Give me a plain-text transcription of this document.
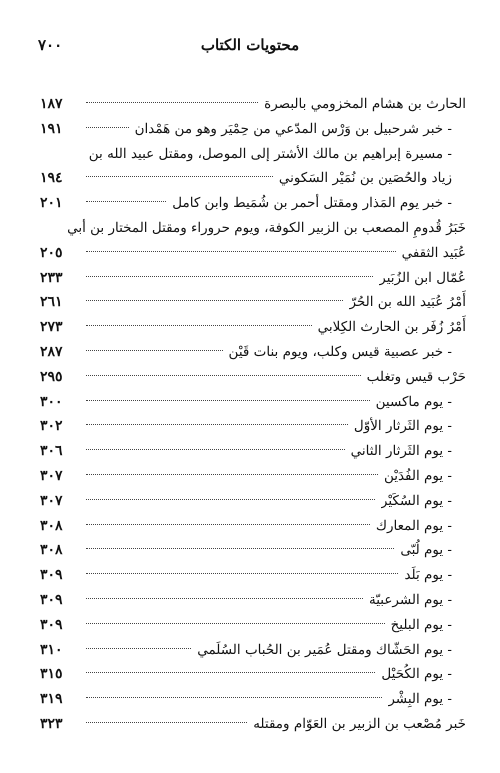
٧٠٠	محتويات الكتاب
الحارث بن هشام المخزومي بالبصرة
١٨٧
- خبر شرحبيل بن وَرْس المدّعي من حِمْيَر وهو من هَمْدان
١٩١
- مسيرة إبراهيم بن مالك الأشتر إلى الموصل، ومقتل عبيد الله بن
زياد والحُصَين بن نُمَيْر السَكوني
١٩٤
- خبر يوم المَذار ومقتل أحمر بن شُمَيط وابن كامل
٢٠١
خَبَرُ قُدومِ المصعب بن الزبير الكوفة، ويوم حروراء ومقتل المختار بن أبي
عُبَيد الثقفي
٢٠٥
عُمّال ابن الزُبَير
٢٣٣
أَمْرُ عُبَيد الله بن الحُرّ
٢٦١
أَمْرُ زُفَر بن الحارث الكِلابي
٢٧٣
- خبر عصبية قيس وكلب، ويوم بنات قَيْن
٢٨٧
حَرْب قيس وتغلب
٢٩٥
- يوم ماكسين
٣٠٠
- يوم الثَرثار الأوّل
٣٠٢
- يوم الثَرثار الثاني
٣٠٦
- يوم الفُدَيْن
٣٠٧
- يوم السُكَيْر
٣٠٧
- يوم المعارك
٣٠٨
- يوم لُبّى
٣٠٨
- يوم بَلَد
٣٠٩
- يوم الشرعبيّة
٣٠٩
- يوم البليخ
٣٠٩
- يوم الحَشّاك ومقتل عُمَير بن الحُباب السُلَمي
٣١٠
- يوم الكُحَيْل
٣١٥
- يوم البِشْر
٣١٩
خَبر مُصْعب بن الزبير بن العَوّام ومقتله
٣٢٣
